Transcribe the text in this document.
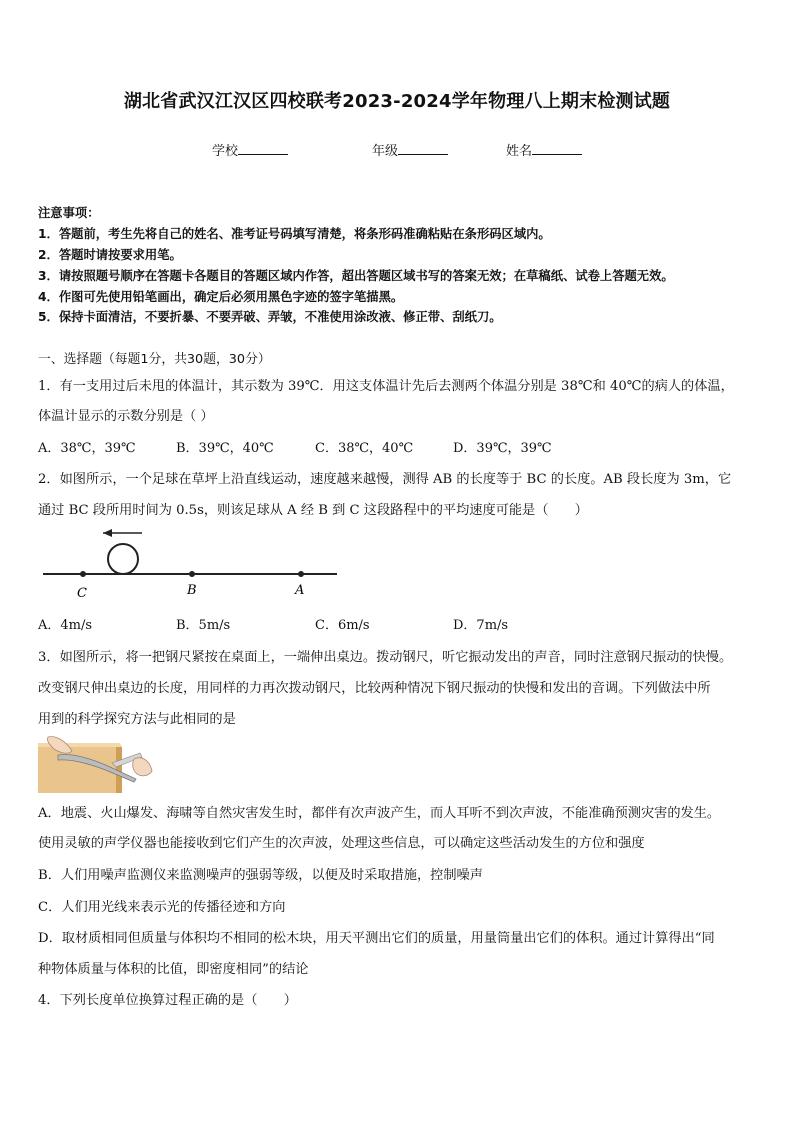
湖北省武汉江汉区四校联考2023-2024学年物理八上期末检测试题
学校	年级	姓名
注意事项：
1．答题前，考生先将自己的姓名、准考证号码填写清楚，将条形码准确粘贴在条形码区域内。
2．答题时请按要求用笔。
3．请按照题号顺序在答题卡各题目的答题区域内作答，超出答题区域书写的答案无效；在草稿纸、试卷上答题无效。
4．作图可先使用铅笔画出，确定后必须用黑色字迹的签字笔描黑。
5．保持卡面清洁，不要折暴、不要弄破、弄皱，不准使用涂改液、修正带、刮纸刀。
一、选择题（每题1分，共30题，30分）
1．有一支用过后未甩的体温计，其示数为 39℃．用这支体温计先后去测两个体温分别是 38℃和 40℃的病人的体温，
体温计显示的示数分别是（ ）
A．38℃，39℃	B．39℃，40℃	C．38℃，40℃	D．39℃，39℃
2．如图所示，一个足球在草坪上沿直线运动，速度越来越慢，测得 AB 的长度等于 BC 的长度。AB 段长度为 3m，它
通过 BC 段所用时间为 0.5s，则该足球从 A 经 B 到 C 这段路程中的平均速度可能是（　　）
C	B	A
A．4m/s	B．5m/s	C．6m/s	D．7m/s
3．如图所示，将一把钢尺紧按在桌面上，一端伸出桌边。拨动钢尺，听它振动发出的声音，同时注意钢尺振动的快慢。
改变钢尺伸出桌边的长度，用同样的力再次拨动钢尺，比较两种情况下钢尺振动的快慢和发出的音调。下列做法中所
用到的科学探究方法与此相同的是
A．地震、火山爆发、海啸等自然灾害发生时，都伴有次声波产生，而人耳听不到次声波，不能准确预测灾害的发生。
使用灵敏的声学仪器也能接收到它们产生的次声波，处理这些信息，可以确定这些活动发生的方位和强度
B．人们用噪声监测仪来监测噪声的强弱等级，以便及时采取措施，控制噪声
C．人们用光线来表示光的传播径迹和方向
D．取材质相同但质量与体积均不相同的松木块，用天平测出它们的质量，用量筒量出它们的体积。通过计算得出“同
种物体质量与体积的比值，即密度相同”的结论
4．下列长度单位换算过程正确的是（　　）
